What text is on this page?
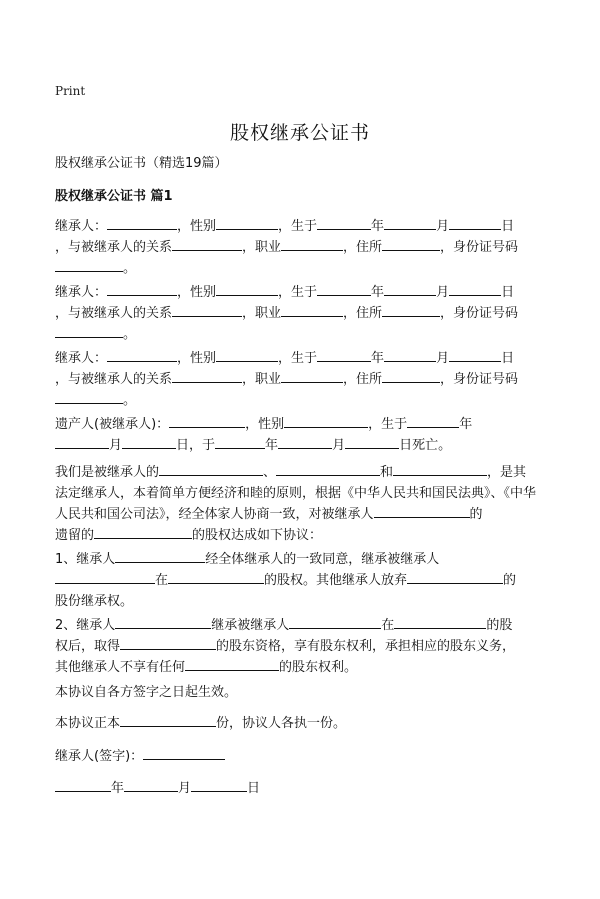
Print
股权继承公证书
股权继承公证书（精选19篇）
股权继承公证书 篇1
继承人：	，性别	，生于	年	月	日
，与被继承人的关系	，职业	，住所	，身份证号码
。
继承人：	，性别	，生于	年	月	日
，与被继承人的关系	，职业	，住所	，身份证号码
。
继承人：	，性别	，生于	年	月	日
，与被继承人的关系	，职业	，住所	，身份证号码
。
遗产人(被继承人)：	，性别	，生于	年
月	日，于	年	月	日死亡。
我们是被继承人的	、	和	，是其
法定继承人，本着简单方便经济和睦的原则，根据《中华人民共和国民法典》、《中华人民共和国公司法》，经全体家人协商一致，对被继承人	的
遗留的	的股权达成如下协议：
1、继承人	经全体继承人的一致同意，继承被继承人
在	的股权。其他继承人放弃	的
股份继承权。
2、继承人	继承被继承人	在	的股
权后，取得	的股东资格，享有股东权利，承担相应的股东义务，
其他继承人不享有任何	的股东权利。
本协议自各方签字之日起生效。
本协议正本	份，协议人各执一份。
继承人(签字)：
年	月	日
